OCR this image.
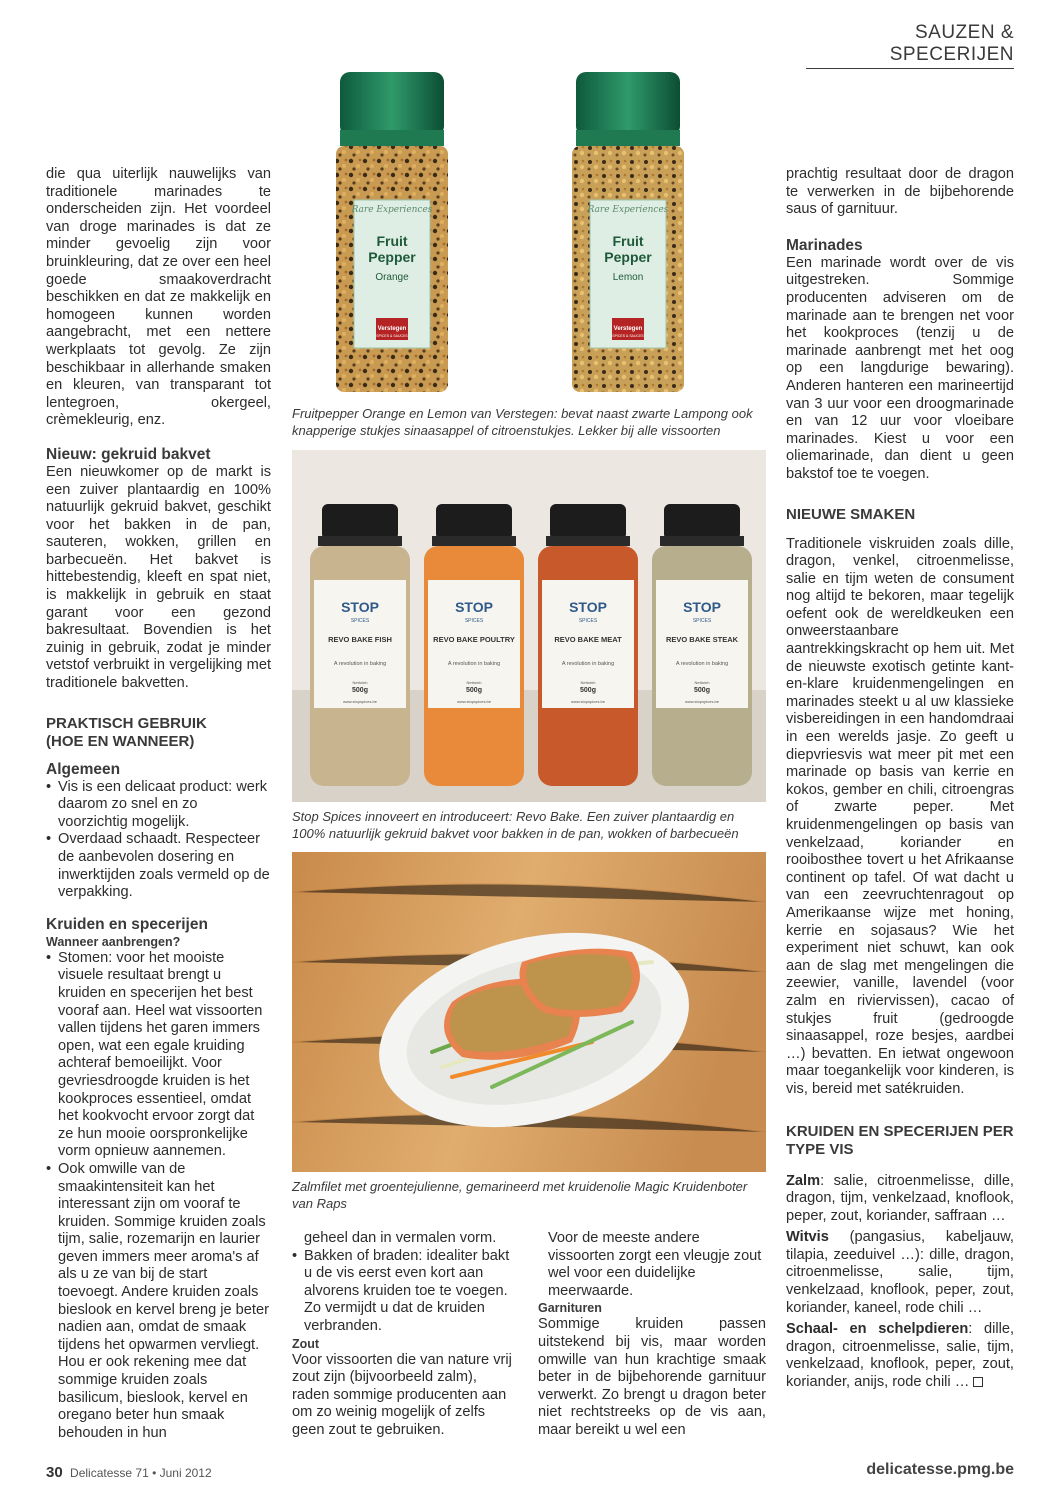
SAUZEN & SPECERIJEN

die qua uiterlijk nauwelijks van traditionele marinades te onderscheiden zijn. Het voordeel van droge marinades is dat ze minder gevoelig zijn voor bruinkleuring, dat ze over een heel goede smaakoverdracht beschikken en dat ze makkelijk en homogeen kunnen worden aangebracht, met een nettere werkplaats tot gevolg. Ze zijn beschikbaar in allerhande smaken en kleuren, van transparant tot lentegroen, okergeel, crèmekleurig, enz.

Nieuw: gekruid bakvet

Een nieuwkomer op de markt is een zuiver plantaardig en 100% natuurlijk gekruid bakvet, geschikt voor het bakken in de pan, sauteren, wokken, grillen en barbecueën. Het bakvet is hittebestendig, kleeft en spat niet, is makkelijk in gebruik en staat garant voor een gezond bakresultaat. Bovendien is het zuinig in gebruik, zodat je minder vetstof verbruikt in vergelijking met traditionele bakvetten.

PRAKTISCH GEBRUIK
(HOE EN WANNEER)
Algemeen
• Vis is een delicaat product: werk daarom zo snel en zo voorzichtig mogelijk.
• Overdaad schaadt. Respecteer de aanbevolen dosering en inwerktijden zoals vermeld op de verpakking.
Kruiden en specerijen
Wanneer aanbrengen?
• Stomen: voor het mooiste visuele resultaat brengt u kruiden en specerijen het best vooraf aan. Heel wat vissoorten vallen tijdens het garen immers open, wat een egale kruiding achteraf bemoeilijkt. Voor gevriesdroogde kruiden is het kookproces essentieel, omdat het kookvocht ervoor zorgt dat ze hun mooie oorspronkelijke vorm opnieuw aannemen.
• Ook omwille van de smaakintensiteit kan het interessant zijn om vooraf te kruiden. Sommige kruiden zoals tijm, salie, rozemarijn en laurier geven immers meer aroma's af als u ze van bij de start toevoegt. Andere kruiden zoals bieslook en kervel breng je beter nadien aan, omdat de smaak tijdens het opwarmen vervliegt. Hou er ook rekening mee dat sommige kruiden zoals basilicum, bieslook, kervel en oregano beter hun smaak behouden in hun
Rare Experiences
Fruit
Pepper
Orange
Verstegen
SPICES & SAUCES
Rare Experiences
Fruit
Pepper
Lemon
Verstegen
SPICES & SAUCES
Fruitpepper Orange en Lemon van Verstegen: bevat naast zwarte Lampong ook knapperige stukjes sinaasappel of citroenstukjes. Lekker bij alle vissoorten
STOP
SPICES
REVO BAKE FISH
A revolution in baking
500g
Nettoinh
www.stopspices.be
STOP
SPICES
REVO BAKE POULTRY
A revolution in baking
500g
Nettoinh
www.stopspices.be
STOP
SPICES
REVO BAKE MEAT
A revolution in baking
500g
Nettoinh
www.stopspices.be
STOP
SPICES
REVO BAKE STEAK
A revolution in baking
500g
Nettoinh
www.stopspices.be
Stop Spices innoveert en introduceert: Revo Bake. Een zuiver plantaardig en 100% natuurlijk gekruid bakvet voor bakken in de pan, wokken of barbecueën
Zalmfilet met groentejulienne, gemarineerd met kruidenolie Magic Kruidenboter van Raps

geheel dan in vermalen vorm.

• Bakken of braden: idealiter bakt u de vis eerst even kort aan alvorens kruiden toe te voegen. Zo vermijdt u dat de kruiden verbranden.
Zout

Voor vissoorten die van nature vrij zout zijn (bijvoorbeeld zalm), raden sommige producenten aan om zo weinig mogelijk of zelfs geen zout te gebruiken.

Voor de meeste andere vissoorten zorgt een vleugje zout wel voor een duidelijke meerwaarde.

Garnituren

Sommige kruiden passen uitstekend bij vis, maar worden omwille van hun krachtige smaak beter in de bijbehorende garnituur verwerkt. Zo brengt u dragon beter niet rechtstreeks op de vis aan, maar bereikt u wel een

prachtig resultaat door de dragon te verwerken in de bijbehorende saus of garnituur.

Marinades

Een marinade wordt over de vis uitgestreken. Sommige producenten adviseren om de marinade aan te brengen net voor het kookproces (tenzij u de marinade aanbrengt met het oog op een langdurige bewaring). Anderen hanteren een marineertijd van 3 uur voor een droogmarinade en van 12 uur voor vloeibare marinades. Kiest u voor een oliemarinade, dan dient u geen bakstof toe te voegen.

NIEUWE SMAKEN

Traditionele viskruiden zoals dille, dragon, venkel, citroenmelisse, salie en tijm weten de consument nog altijd te bekoren, maar tegelijk oefent ook de wereldkeuken een onweerstaanbare aantrekkingskracht op hem uit. Met de nieuwste exotisch getinte kant-en-klare kruidenmengelingen en marinades steekt u al uw klassieke visbereidingen in een handomdraai in een werelds jasje. Zo geeft u diepvriesvis wat meer pit met een marinade op basis van kerrie en kokos, gember en chili, citroengras of zwarte peper. Met kruidenmengelingen op basis van venkelzaad, koriander en rooibosthee tovert u het Afrikaanse continent op tafel. Of wat dacht u van een zeevruchtenragout op Amerikaanse wijze met honing, kerrie en sojasaus? Wie het experiment niet schuwt, kan ook aan de slag met mengelingen die zeewier, vanille, lavendel (voor zalm en riviervissen), cacao of stukjes fruit (gedroogde sinaasappel, roze besjes, aardbei …) bevatten. En ietwat ongewoon maar toegankelijk voor kinderen, is vis, bereid met satékruiden.

KRUIDEN EN SPECERIJEN PER
TYPE VIS

Zalm: salie, citroenmelisse, dille, dragon, tijm, venkelzaad, knoflook, peper, zout, koriander, saffraan …

Witvis (pangasius, kabeljauw, tilapia, zeeduivel …): dille, dragon, citroenmelisse, salie, tijm, venkelzaad, knoflook, peper, zout, koriander, kaneel, rode chili …

Schaal- en schelpdieren: dille, dragon, citroenmelisse, salie, tijm, venkelzaad, knoflook, peper, zout, koriander, anijs, rode chili …

30 Delicatesse 71 • Juni 2012	delicatesse.pmg.be
